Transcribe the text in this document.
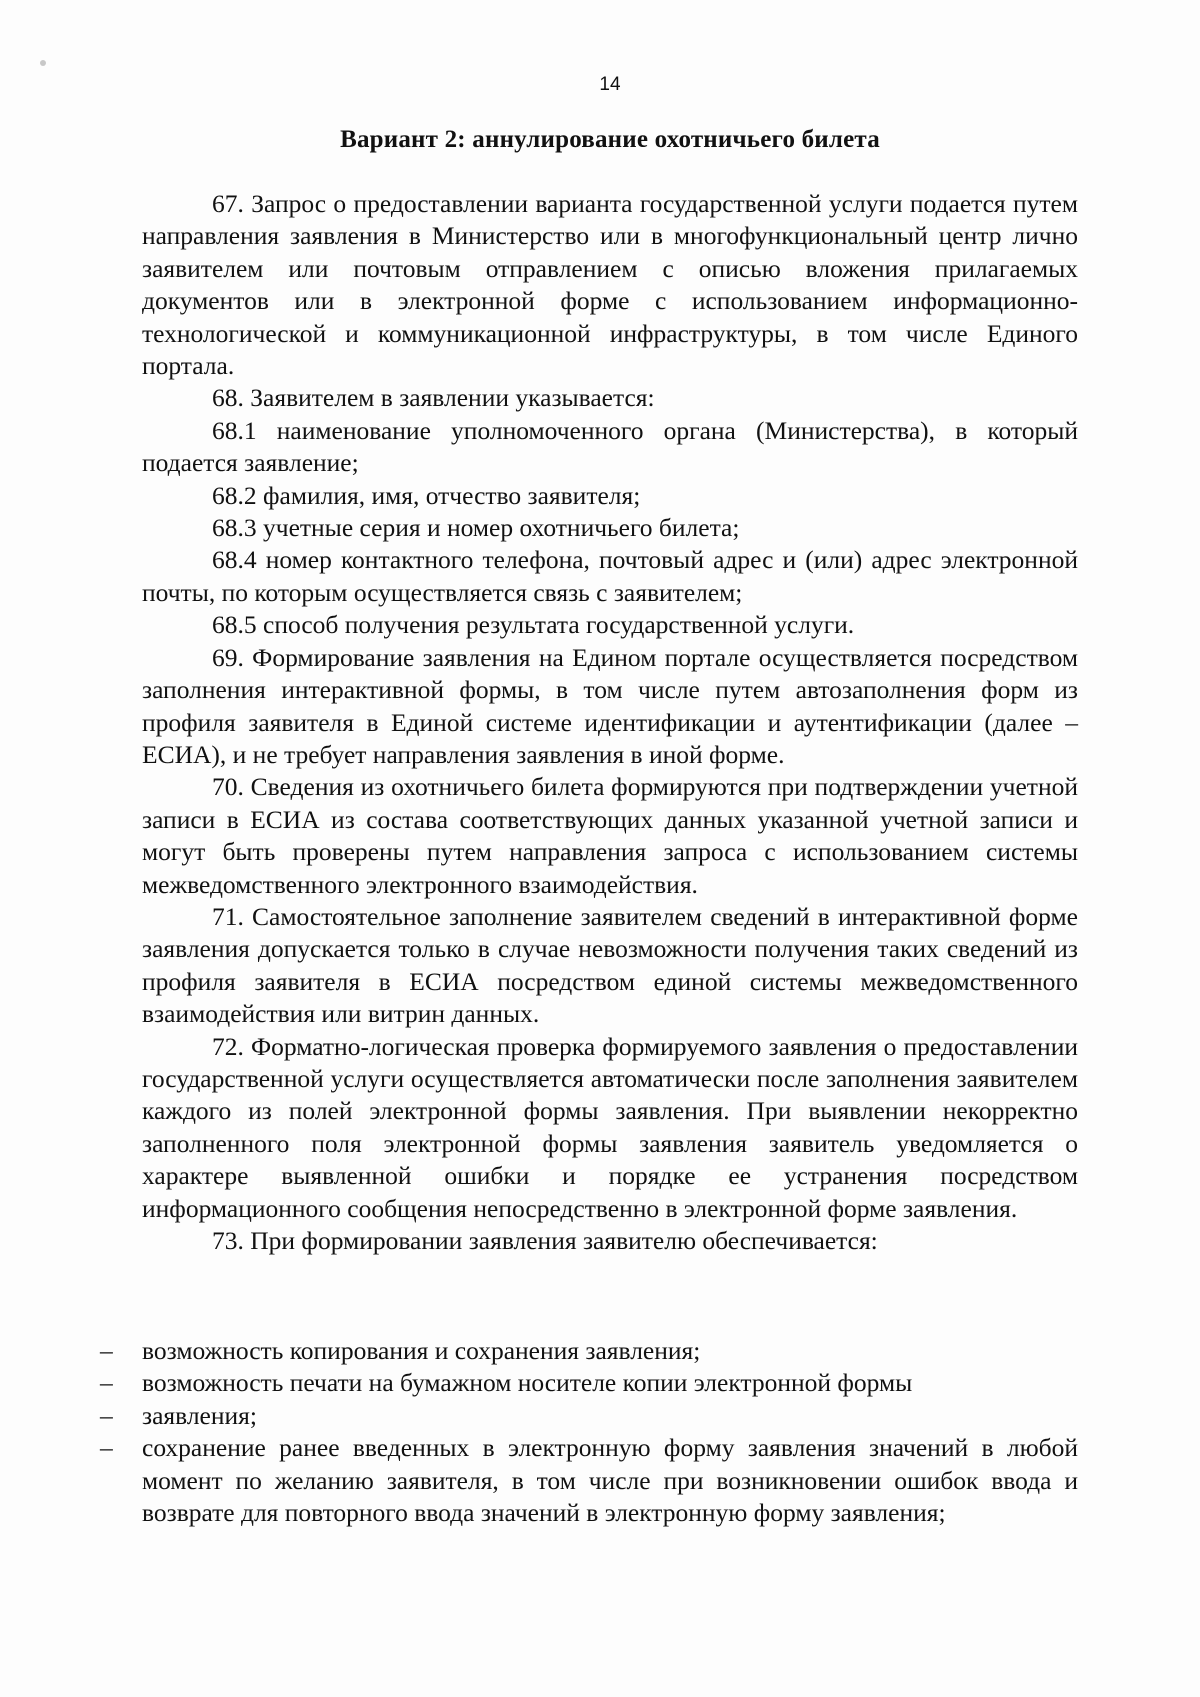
14
Вариант 2: аннулирование охотничьего билета

67. Запрос о предоставлении варианта государственной услуги подается путем направления заявления в Министерство или в многофункциональный центр лично заявителем или почтовым отправлением с описью вложения прилагаемых документов или в электронной форме с использованием информационно-технологической и коммуникационной инфраструктуры, в том числе Единого портала.

68. Заявителем в заявлении указывается:

68.1 наименование уполномоченного органа (Министерства), в который подается заявление;

68.2 фамилия, имя, отчество заявителя;

68.3 учетные серия и номер охотничьего билета;

68.4 номер контактного телефона, почтовый адрес и (или) адрес электронной почты, по которым осуществляется связь с заявителем;

68.5 способ получения результата государственной услуги.

69. Формирование заявления на Едином портале осуществляется посредством заполнения интерактивной формы, в том числе путем автозаполнения форм из профиля заявителя в Единой системе идентификации и аутентификации (далее – ЕСИА), и не требует направления заявления в иной форме.

70. Сведения из охотничьего билета формируются при подтверждении учетной записи в ЕСИА из состава соответствующих данных указанной учетной записи и могут быть проверены путем направления запроса с использованием системы межведомственного электронного взаимодействия.

71. Самостоятельное заполнение заявителем сведений в интерактивной форме заявления допускается только в случае невозможности получения таких сведений из профиля заявителя в ЕСИА посредством единой системы межведомственного взаимодействия или витрин данных.

72. Форматно-логическая проверка формируемого заявления о предоставлении государственной услуги осуществляется автоматически после заполнения заявителем каждого из полей электронной формы заявления. При выявлении некорректно заполненного поля электронной формы заявления заявитель уведомляется о характере выявленной ошибки и порядке ее устранения посредством информационного сообщения непосредственно в электронной форме заявления.

73. При формировании заявления заявителю обеспечивается:

– возможность копирования и сохранения заявления;
– возможность печати на бумажном носителе копии электронной формы
– заявления;
– сохранение ранее введенных в электронную форму заявления значений в любой момент по желанию заявителя, в том числе при возникновении ошибок ввода и возврате для повторного ввода значений в электронную форму заявления;
